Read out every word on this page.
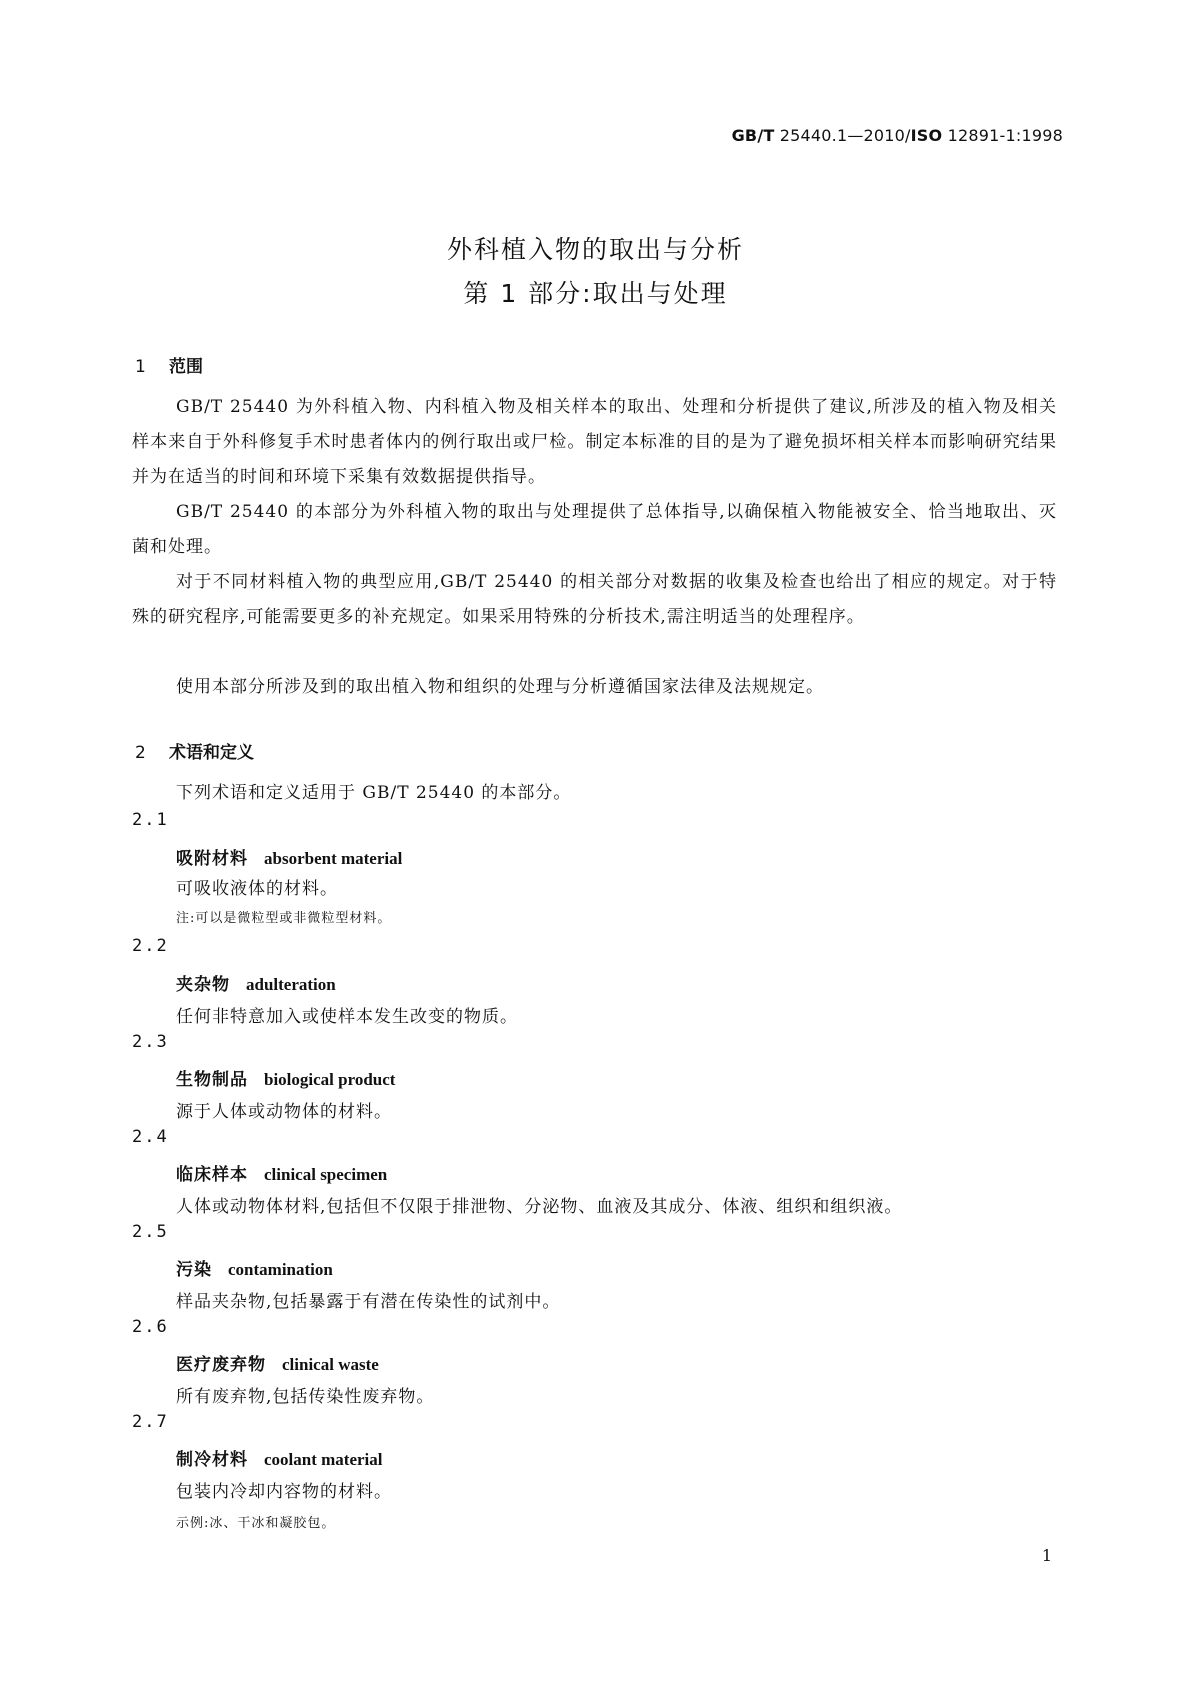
GB/T 25440.1—2010/ISO 12891-1:1998
外科植入物的取出与分析
第 1 部分:取出与处理
1 范围
GB/T 25440 为外科植入物、内科植入物及相关样本的取出、处理和分析提供了建议,所涉及的植入物及相关样本来自于外科修复手术时患者体内的例行取出或尸检。制定本标准的目的是为了避免损坏相关样本而影响研究结果并为在适当的时间和环境下采集有效数据提供指导。
GB/T 25440 的本部分为外科植入物的取出与处理提供了总体指导,以确保植入物能被安全、恰当地取出、灭菌和处理。
对于不同材料植入物的典型应用,GB/T 25440 的相关部分对数据的收集及检查也给出了相应的规定。对于特殊的研究程序,可能需要更多的补充规定。如果采用特殊的分析技术,需注明适当的处理程序。
使用本部分所涉及到的取出植入物和组织的处理与分析遵循国家法律及法规规定。
2 术语和定义
下列术语和定义适用于 GB/T 25440 的本部分。
2.1
吸附材料 absorbent material
可吸收液体的材料。
注:可以是微粒型或非微粒型材料。
2.2
夹杂物 adulteration
任何非特意加入或使样本发生改变的物质。
2.3
生物制品 biological product
源于人体或动物体的材料。
2.4
临床样本 clinical specimen
人体或动物体材料,包括但不仅限于排泄物、分泌物、血液及其成分、体液、组织和组织液。
2.5
污染 contamination
样品夹杂物,包括暴露于有潜在传染性的试剂中。
2.6
医疗废弃物 clinical waste
所有废弃物,包括传染性废弃物。
2.7
制冷材料 coolant material
包装内冷却内容物的材料。
示例:冰、干冰和凝胶包。
1
